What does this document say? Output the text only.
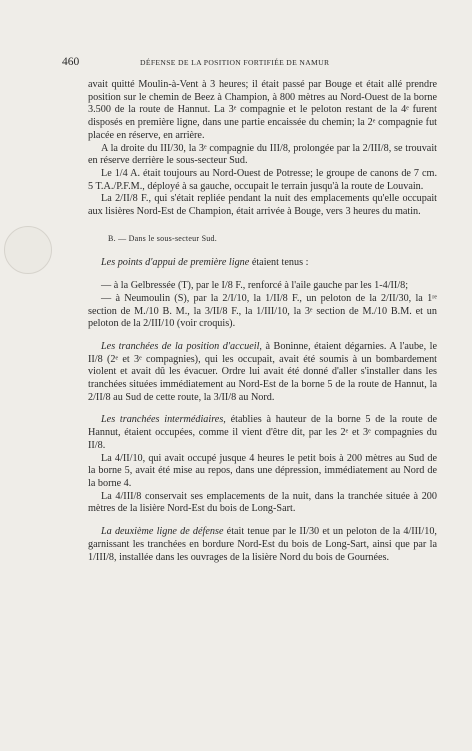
460	DÉFENSE DE LA POSITION FORTIFIÉE DE NAMUR

avait quitté Moulin-à-Vent à 3 heures; il était passé par Bouge et était allé prendre position sur le chemin de Beez à Champion, à 800 mètres au Nord-Ouest de la borne 3.500 de la route de Hannut. La 3ᵉ compagnie et le peloton restant de la 4ᵉ furent disposés en première ligne, dans une partie encaissée du chemin; la 2ᵉ compagnie fut placée en réserve, en arrière.

A la droite du III/30, la 3ᵉ compagnie du III/8, prolongée par la 2/III/8, se trouvait en réserve derrière le sous-secteur Sud.

Le 1/4 A. était toujours au Nord-Ouest de Potresse; le groupe de canons de 7 cm. 5 T.A./P.F.M., déployé à sa gauche, occupait le terrain jusqu'à la route de Louvain.

La 2/II/8 F., qui s'était repliée pendant la nuit des emplacements qu'elle occupait aux lisières Nord-Est de Champion, était arrivée à Bouge, vers 3 heures du matin.

B. — Dans le sous-secteur Sud.

Les points d'appui de première ligne étaient tenus :

— à la Gelbressée (T), par le I/8 F., renforcé à l'aile gauche par les 1-4/II/8;

— à Neumoulin (S), par la 2/I/10, la 1/II/8 F., un peloton de la 2/II/30, la 1ʳᵉ section de M./10 B. M., la 3/II/8 F., la 1/III/10, la 3ᵉ section de M./10 B.M. et un peloton de la 2/III/10 (voir croquis).

Les tranchées de la position d'accueil, à Boninne, étaient dégarnies. A l'aube, le II/8 (2ᵉ et 3ᵉ compagnies), qui les occupait, avait été soumis à un bombardement violent et avait dû les évacuer. Ordre lui avait été donné d'aller s'installer dans les tranchées situées immédiatement au Nord-Est de la borne 5 de la route de Hannut, la 2/II/8 au Sud de cette route, la 3/II/8 au Nord.

Les tranchées intermédiaires, établies à hauteur de la borne 5 de la route de Hannut, étaient occupées, comme il vient d'être dit, par les 2ᵉ et 3ᵉ compagnies du II/8.

La 4/II/10, qui avait occupé jusque 4 heures le petit bois à 200 mètres au Sud de la borne 5, avait été mise au repos, dans une dépression, immédiatement au Nord de la borne 4.

La 4/III/8 conservait ses emplacements de la nuit, dans la tranchée située à 200 mètres de la lisière Nord-Est du bois de Long-Sart.

La deuxième ligne de défense était tenue par le II/30 et un peloton de la 4/III/10, garnissant les tranchées en bordure Nord-Est du bois de Long-Sart, ainsi que par la 1/III/8, installée dans les ouvrages de la lisière Nord du bois de Gournées.
